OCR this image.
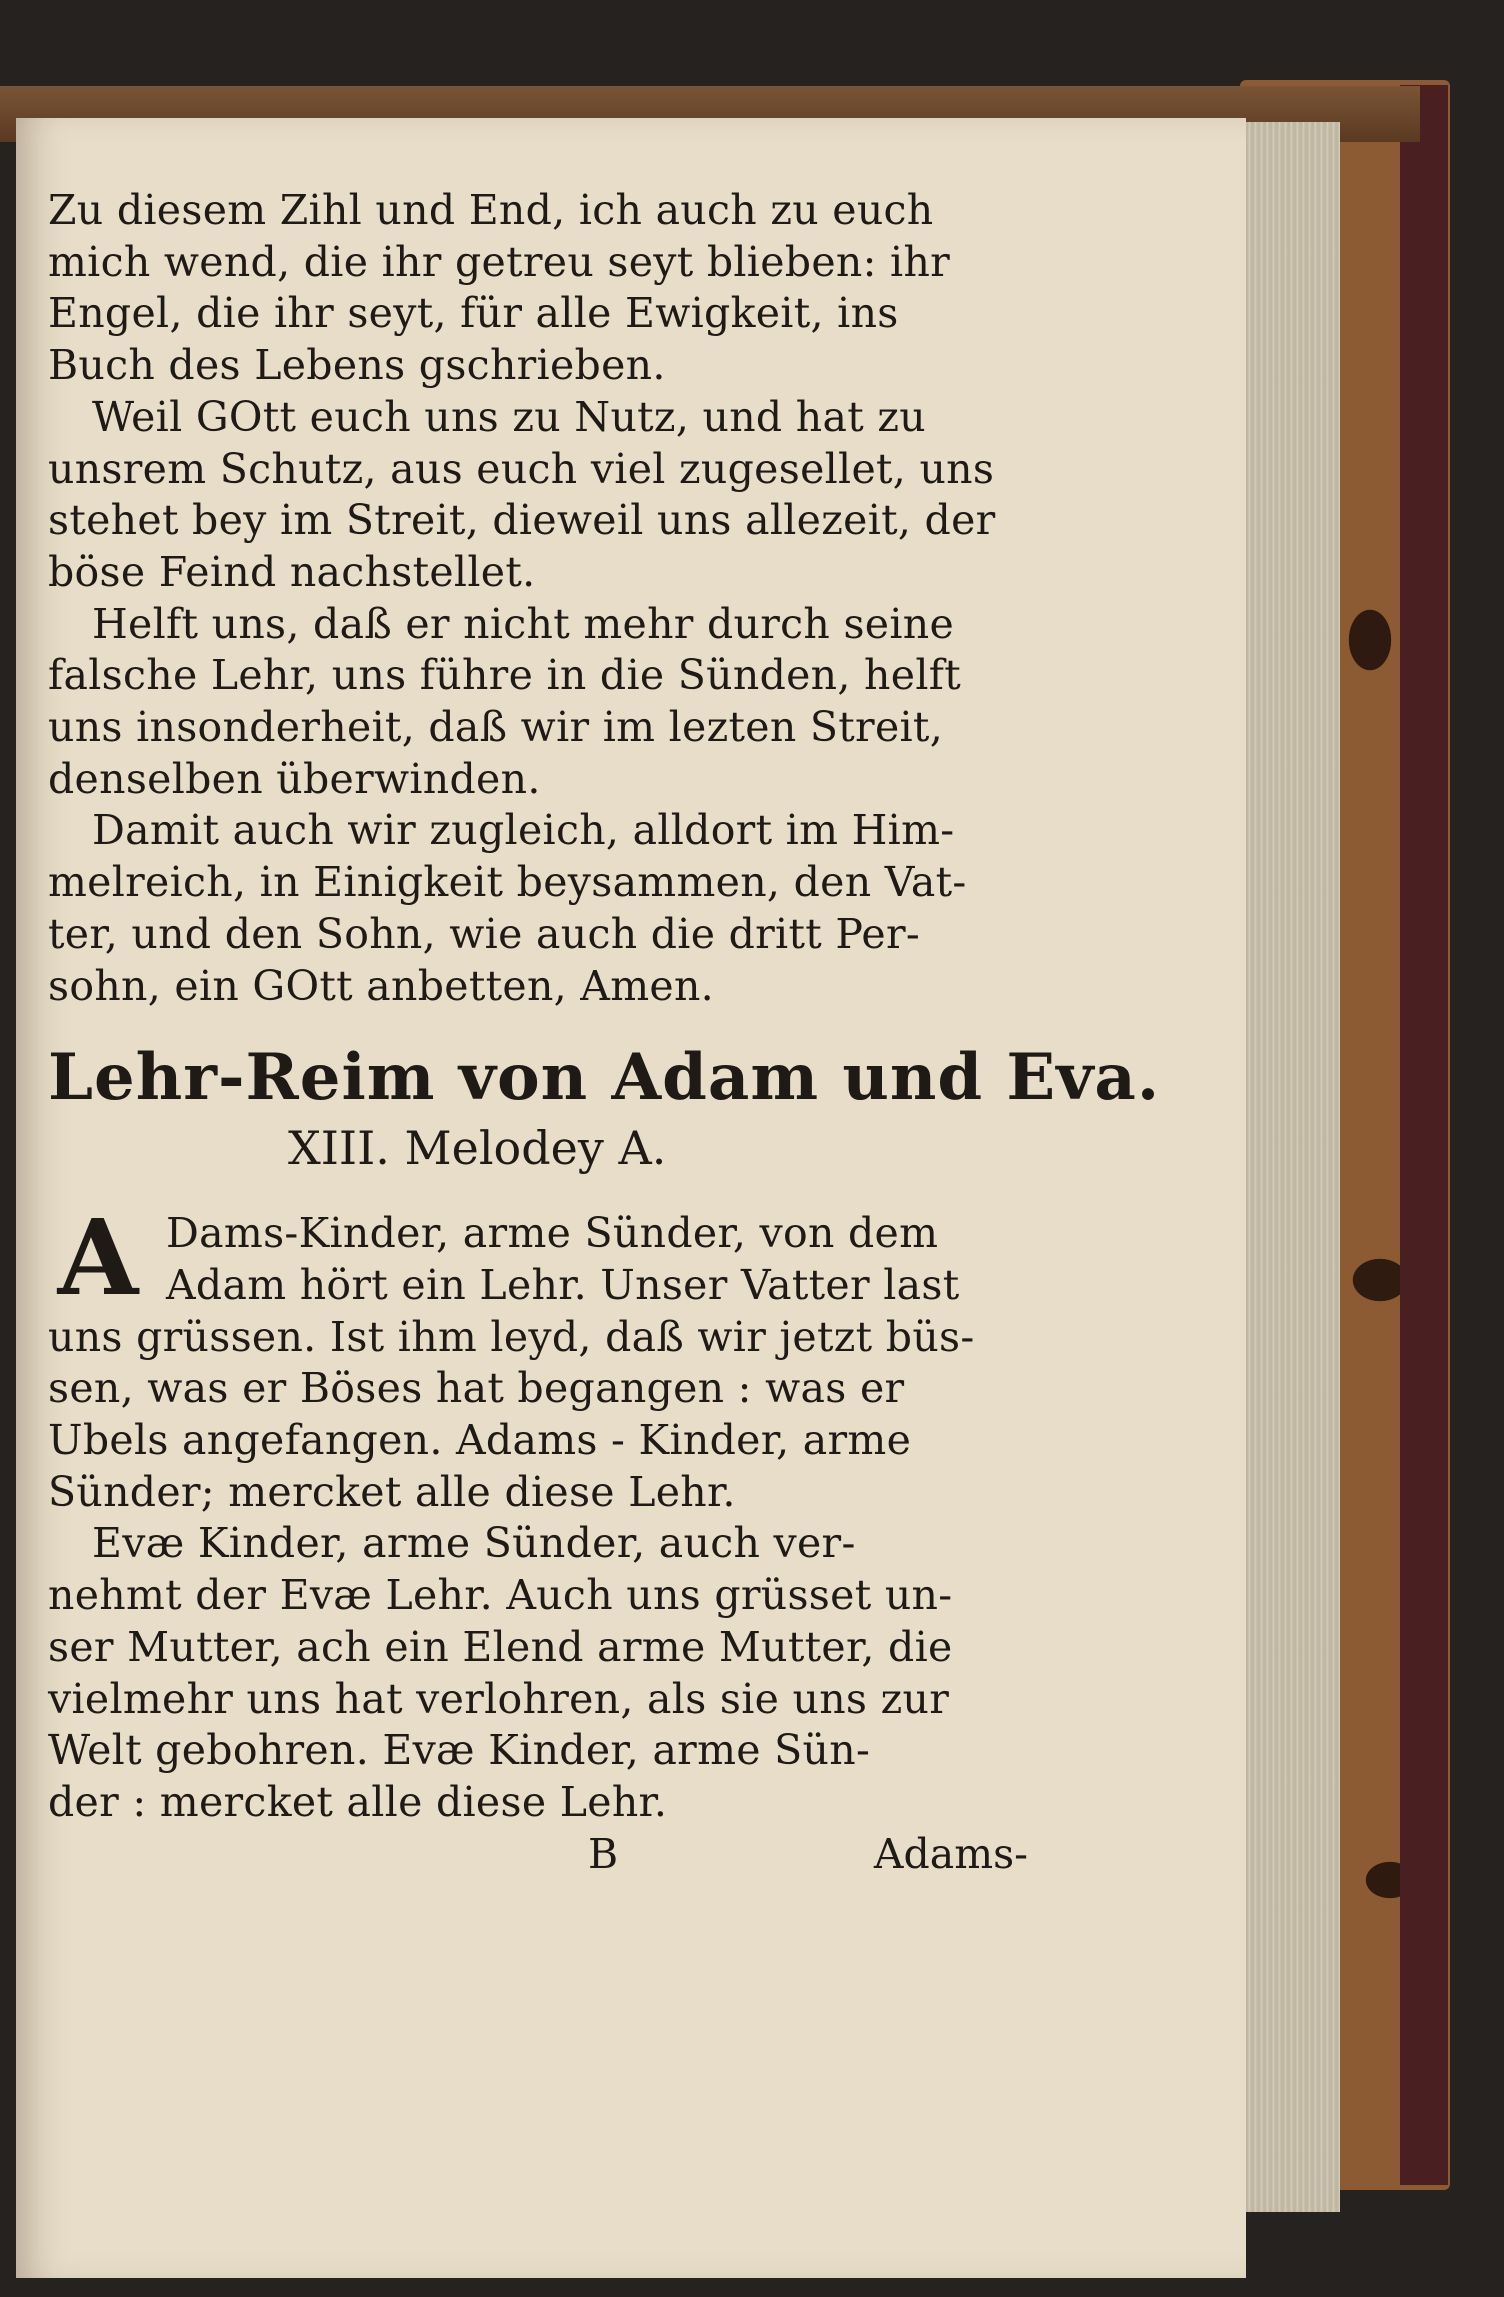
Zu diesem Zihl und End, ich auch zu euch
mich wend, die ihr getreu seyt blieben: ihr
Engel, die ihr seyt, für alle Ewigkeit, ins
Buch des Lebens gschrieben.
Weil GOtt euch uns zu Nutz, und hat zu
unsrem Schutz, aus euch viel zugesellet, uns
stehet bey im Streit, dieweil uns allezeit, der
böse Feind nachstellet.
Helft uns, daß er nicht mehr durch seine
falsche Lehr, uns führe in die Sünden, helft
uns insonderheit, daß wir im lezten Streit,
denselben überwinden.
Damit auch wir zugleich, alldort im Him-
melreich, in Einigkeit beysammen, den Vat-
ter, und den Sohn, wie auch die dritt Per-
sohn, ein GOtt anbetten, Amen.
Lehr-Reim von Adam und Eva.
XIII. Melodey A.
A Dams-Kinder, arme Sünder, von dem
Adam hört ein Lehr. Unser Vatter last
uns grüssen. Ist ihm leyd, daß wir jetzt büs-
sen, was er Böses hat begangen : was er
Ubels angefangen. Adams - Kinder, arme
Sünder; mercket alle diese Lehr.
Evæ Kinder, arme Sünder, auch ver-
nehmt der Evæ Lehr. Auch uns grüsset un-
ser Mutter, ach ein Elend arme Mutter, die
vielmehr uns hat verlohren, als sie uns zur
Welt gebohren. Evæ Kinder, arme Sün-
der : mercket alle diese Lehr.
B	Adams-
